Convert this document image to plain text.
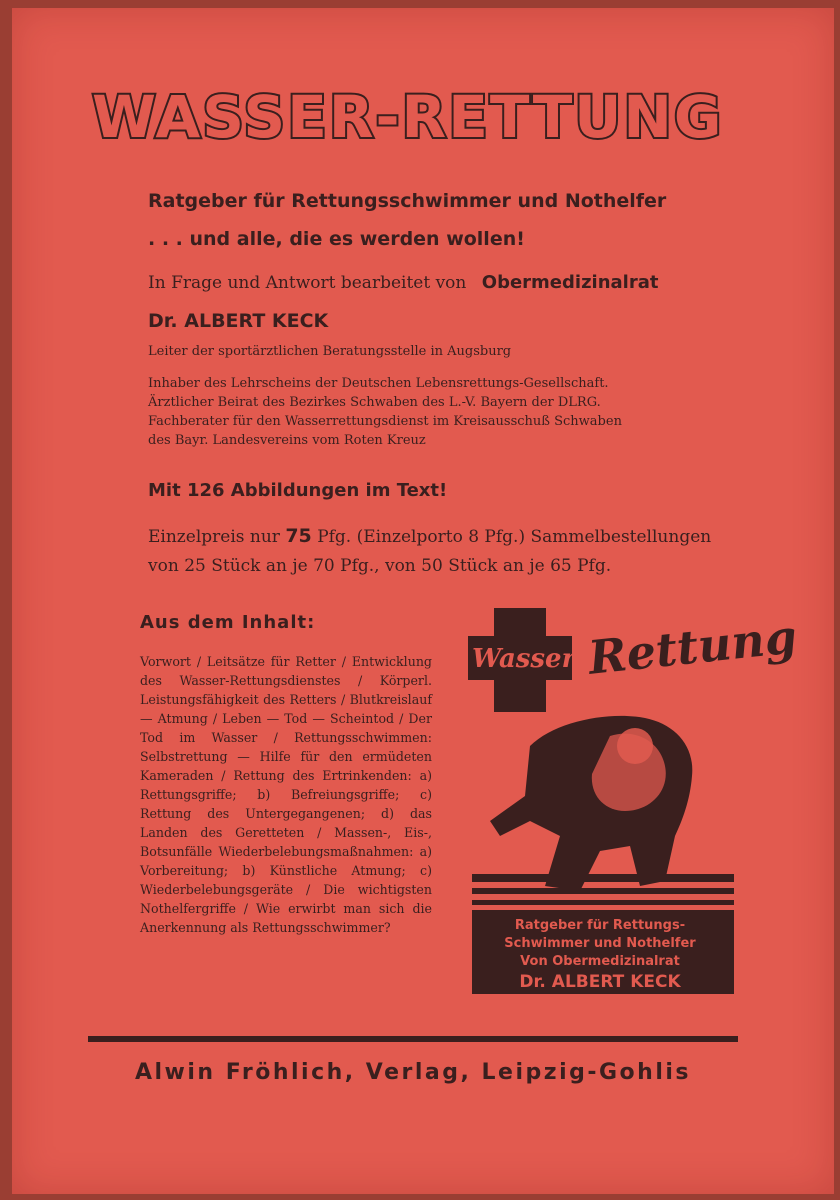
WASSER-RETTUNG
Ratgeber für Rettungsschwimmer und Nothelfer
. . . und alle, die es werden wollen!
In Frage und Antwort bearbeitet von Obermedizinalrat
Dr. ALBERT KECK
Leiter der sportärztlichen Beratungsstelle in Augsburg
Inhaber des Lehrscheins der Deutschen Lebensrettungs-Gesellschaft.
Ärztlicher Beirat des Bezirkes Schwaben des L.-V. Bayern der DLRG.
Fachberater für den Wasserrettungsdienst im Kreisausschuß Schwaben
des Bayr. Landesvereins vom Roten Kreuz
Mit 126 Abbildungen im Text!
Einzelpreis nur 75 Pfg. (Einzelporto 8 Pfg.) Sammelbestellungen
von 25 Stück an je 70 Pfg., von 50 Stück an je 65 Pfg.
Aus dem Inhalt:
Vorwort / Leitsätze für Retter / Entwicklung des Wasser-Rettungsdienstes / Körperl. Leistungsfähigkeit des Retters / Blutkreislauf — Atmung / Leben — Tod — Scheintod / Der Tod im Wasser / Rettungsschwimmen: Selbstrettung — Hilfe für den ermüdeten Kameraden / Rettung des Ertrinkenden: a) Rettungsgriffe; b) Befreiungsgriffe; c) Rettung des Untergegangenen; d) das Landen des Geretteten / Massen-, Eis-, Botsunfälle Wiederbelebungsmaßnahmen: a) Vorbereitung; b) Künstliche Atmung; c) Wiederbelebungsgeräte / Die wichtigsten Nothelfergriffe / Wie erwirbt man sich die Anerkennung als Rettungsschwimmer?
Wasser Rettung
Ratgeber für Rettungs-
Schwimmer und Nothelfer
Von Obermedizinalrat
Dr. ALBERT KECK
Alwin Fröhlich, Verlag, Leipzig-Gohlis
